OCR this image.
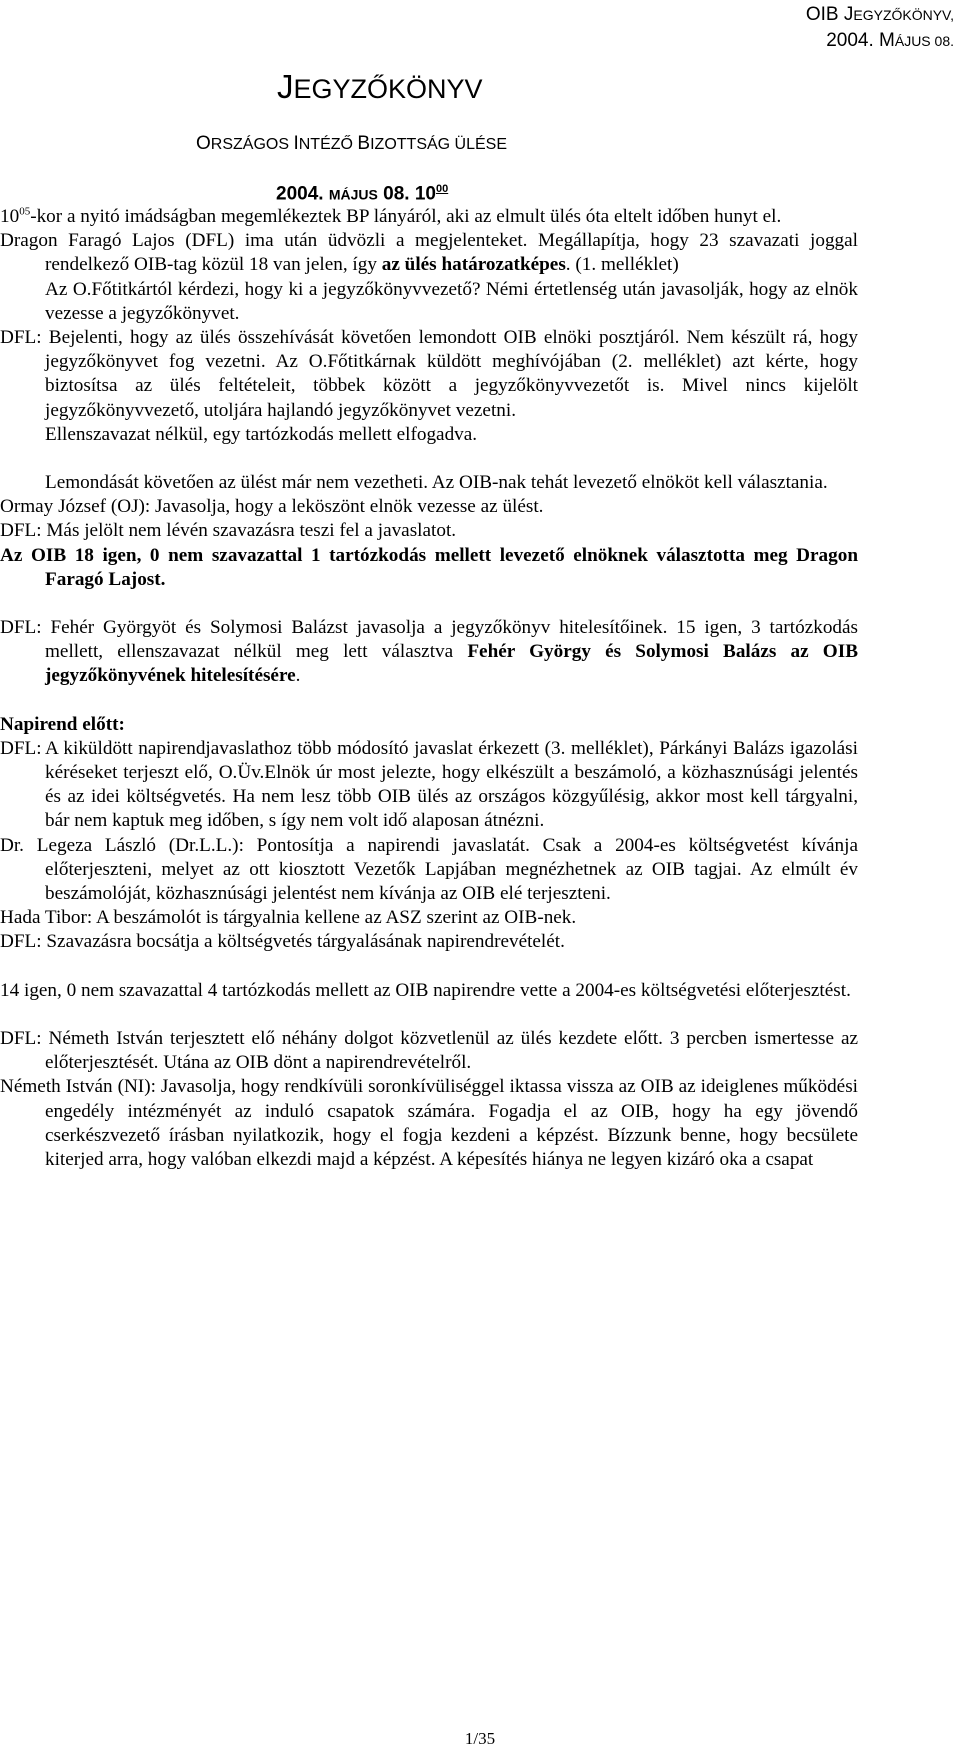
OIB JEGYZŐKÖNYV,
2004. MÁJUS 08.
JEGYZŐKÖNYV
ORSZÁGOS INTÉZŐ BIZOTTSÁG ÜLÉSE
2004. MÁJUS 08. $10^{00}$

$10^{05}$-kor a nyitó imádságban megemlékeztek BP lányáról, aki az elmult ülés óta eltelt időben hunyt el.

Dragon Faragó Lajos (DFL) ima után üdvözli a megjelenteket. Megállapítja, hogy 23 szavazati joggal rendelkező OIB-tag közül 18 van jelen, így az ülés határozatképes. (1. melléklet)

Az O.Főtitkártól kérdezi, hogy ki a jegyzőkönyvvezető? Némi értetlenség után javasolják, hogy az elnök vezesse a jegyzőkönyvet.

DFL: Bejelenti, hogy az ülés összehívását követően lemondott OIB elnöki posztjáról. Nem készült rá, hogy jegyzőkönyvet fog vezetni. Az O.Főtitkárnak küldött meghívójában (2. melléklet) azt kérte, hogy biztosítsa az ülés feltételeit, többek között a jegyzőkönyvvezetőt is. Mivel nincs kijelölt jegyzőkönyvvezető, utoljára hajlandó jegyzőkönyvet vezetni.

Ellenszavazat nélkül, egy tartózkodás mellett elfogadva.

Lemondását követően az ülést már nem vezetheti. Az OIB-nak tehát levezető elnököt kell választania.

Ormay József (OJ): Javasolja, hogy a leköszönt elnök vezesse az ülést.

DFL: Más jelölt nem lévén szavazásra teszi fel a javaslatot.

Az OIB 18 igen, 0 nem szavazattal 1 tartózkodás mellett levezető elnöknek választotta meg Dragon Faragó Lajost.

DFL: Fehér Györgyöt és Solymosi Balázst javasolja a jegyzőkönyv hitelesítőinek. 15 igen, 3 tartózkodás mellett, ellenszavazat nélkül meg lett választva Fehér György és Solymosi Balázs az OIB jegyzőkönyvének hitelesítésére.

Napirend előtt:

DFL: A kiküldött napirendjavaslathoz több módosító javaslat érkezett (3. melléklet), Párkányi Balázs igazolási kéréseket terjeszt elő, O.Üv.Elnök úr most jelezte, hogy elkészült a beszámoló, a közhasznúsági jelentés és az idei költségvetés. Ha nem lesz több OIB ülés az országos közgyűlésig, akkor most kell tárgyalni, bár nem kaptuk meg időben, s így nem volt idő alaposan átnézni.

Dr. Legeza László (Dr.L.L.): Pontosítja a napirendi javaslatát. Csak a 2004-es költségvetést kívánja előterjeszteni, melyet az ott kiosztott Vezetők Lapjában megnézhetnek az OIB tagjai. Az elmúlt év beszámolóját, közhasznúsági jelentést nem kívánja az OIB elé terjeszteni.

Hada Tibor: A beszámolót is tárgyalnia kellene az ASZ szerint az OIB-nek.

DFL: Szavazásra bocsátja a költségvetés tárgyalásának napirendrevételét.

14 igen, 0 nem szavazattal 4 tartózkodás mellett az OIB napirendre vette a 2004-es költségvetési előterjesztést.

DFL: Németh István terjesztett elő néhány dolgot közvetlenül az ülés kezdete előtt. 3 percben ismertesse az előterjesztését. Utána az OIB dönt a napirendrevételről.

Németh István (NI): Javasolja, hogy rendkívüli soronkívüliséggel iktassa vissza az OIB az ideiglenes működési engedély intézményét az induló csapatok számára. Fogadja el az OIB, hogy ha egy jövendő cserkészvezető írásban nyilatkozik, hogy el fogja kezdeni a képzést. Bízzunk benne, hogy becsülete kiterjed arra, hogy valóban elkezdi majd a képzést. A képesítés hiánya ne legyen kizáró oka a csapat

1/35
